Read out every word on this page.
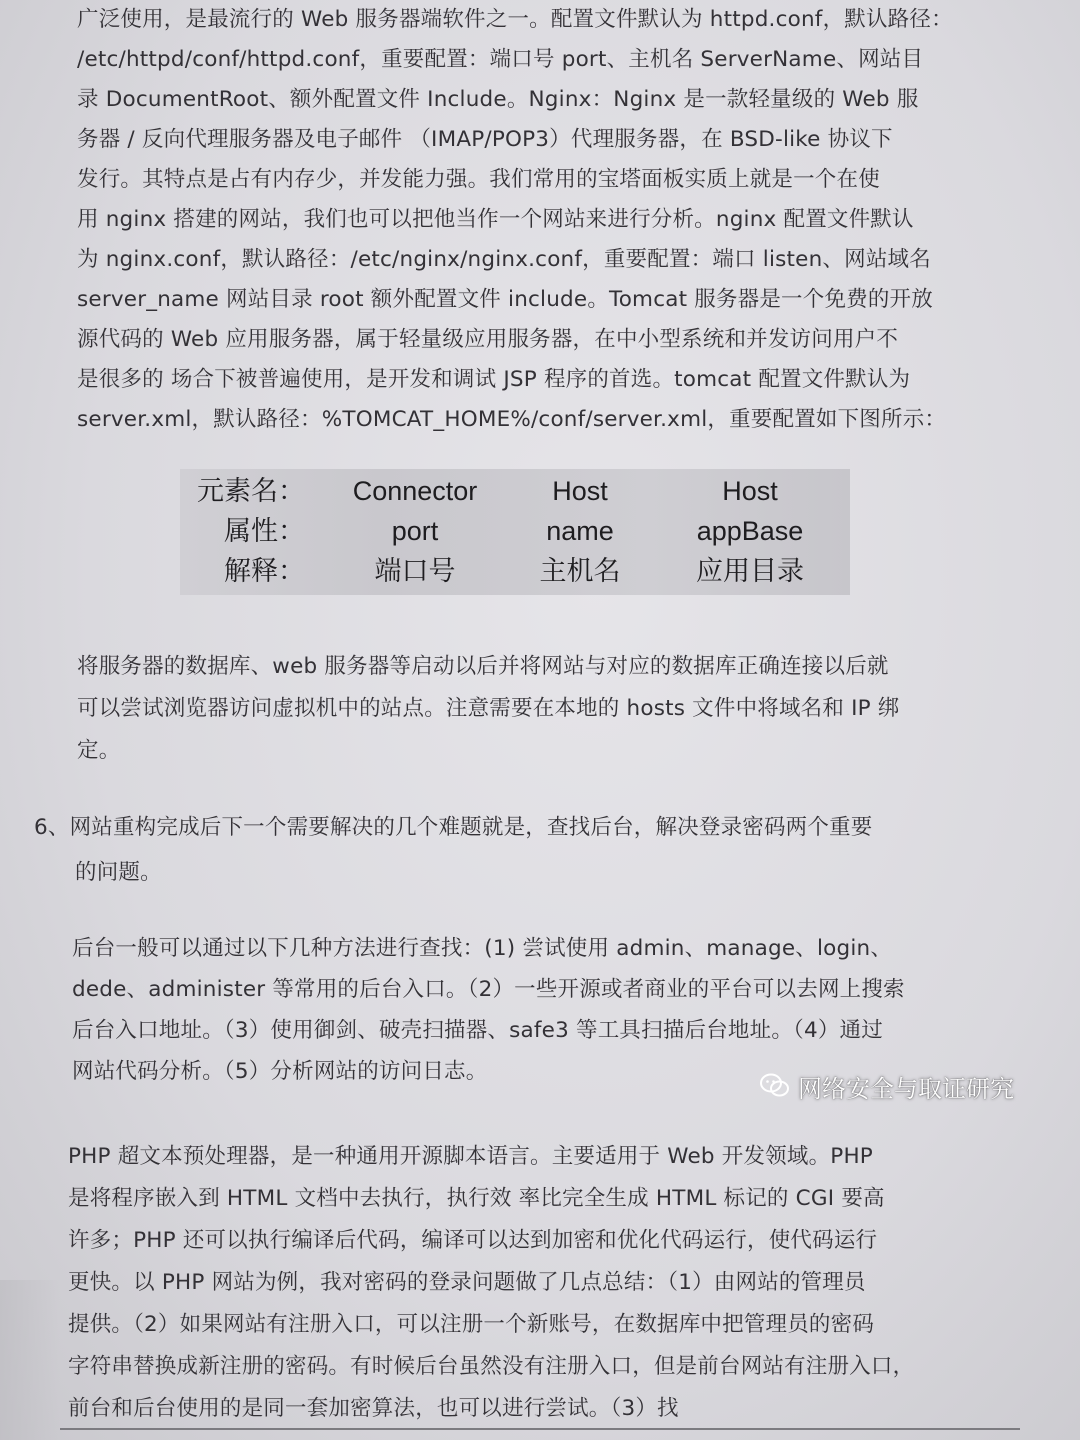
广泛使用，是最流行的 Web 服务器端软件之一。配置文件默认为 httpd.conf，默认路径：
/etc/httpd/conf/httpd.conf，重要配置：端口号 port、主机名 ServerName、网站目
录 DocumentRoot、额外配置文件 Include。Nginx：Nginx 是一款轻量级的 Web 服
务器 / 反向代理服务器及电子邮件 （IMAP/POP3）代理服务器，在 BSD-like 协议下
发行。其特点是占有内存少，并发能力强。我们常用的宝塔面板实质上就是一个在使
用 nginx 搭建的网站，我们也可以把他当作一个网站来进行分析。nginx 配置文件默认
为 nginx.conf，默认路径：/etc/nginx/nginx.conf，重要配置：端口 listen、网站域名
server_name 网站目录 root 额外配置文件 include。Tomcat 服务器是一个免费的开放
源代码的 Web 应用服务器，属于轻量级应用服务器，在中小型系统和并发访问用户不
是很多的 场合下被普遍使用，是开发和调试 JSP 程序的首选。tomcat 配置文件默认为
server.xml，默认路径：%TOMCAT_HOME%/conf/server.xml，重要配置如下图所示：
元素名：	Connector	Host	Host
属性：	port	name	appBase
解释：	端口号	主机名	应用目录
将服务器的数据库、web 服务器等启动以后并将网站与对应的数据库正确连接以后就
可以尝试浏览器访问虚拟机中的站点。注意需要在本地的 hosts 文件中将域名和 IP 绑
定。
6、网站重构完成后下一个需要解决的几个难题就是，查找后台，解决登录密码两个重要
的问题。
后台一般可以通过以下几种方法进行查找：(1) 尝试使用 admin、manage、login、
dede、administer 等常用的后台入口。（2）一些开源或者商业的平台可以去网上搜索
后台入口地址。（3）使用御剑、破壳扫描器、safe3 等工具扫描后台地址。（4）通过
网站代码分析。（5）分析网站的访问日志。
PHP 超文本预处理器，是一种通用开源脚本语言。主要适用于 Web 开发领域。PHP
是将程序嵌入到 HTML 文档中去执行，执行效 率比完全生成 HTML 标记的 CGI 要高
许多；PHP 还可以执行编译后代码，编译可以达到加密和优化代码运行，使代码运行
更快。以 PHP 网站为例，我对密码的登录问题做了几点总结：（1）由网站的管理员
提供。（2）如果网站有注册入口，可以注册一个新账号，在数据库中把管理员的密码
字符串替换成新注册的密码。有时候后台虽然没有注册入口，但是前台网站有注册入口，
前台和后台使用的是同一套加密算法，也可以进行尝试。（3）找
网络安全与取证研究
